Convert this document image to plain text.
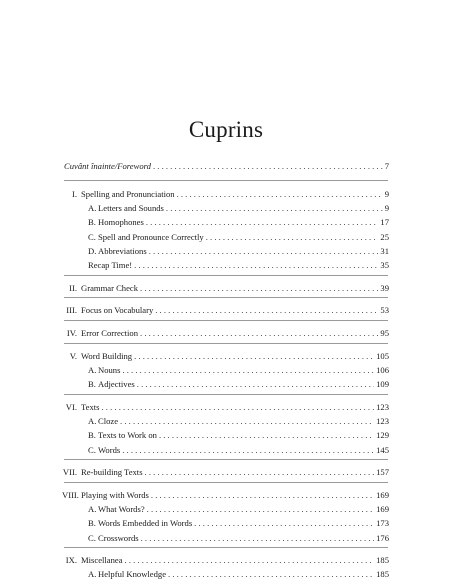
Cuprins
Cuvânt înainte/Foreword . . .	7
I. Spelling and Pronunciation . . .	9
A. Letters and Sounds . . .	9
B. Homophones . . .	17
C. Spell and Pronounce Correctly . . .	25
D. Abbreviations . . .	31
Recap Time! . . .	35
II. Grammar Check . . .	39
III. Focus on Vocabulary . . .	53
IV. Error Correction . . .	95
V. Word Building . . .	105
A. Nouns . . .	106
B. Adjectives . . .	109
VI. Texts . . .	123
A. Cloze . . .	123
B. Texts to Work on . . .	129
C. Words . . .	145
VII. Re-building Texts . . .	157
VIII. Playing with Words . . .	169
A. What Words? . . .	169
B. Words Embedded in Words . . .	173
C. Crosswords . . .	176
IX. Miscellanea . . .	185
A. Helpful Knowledge . . .	185
